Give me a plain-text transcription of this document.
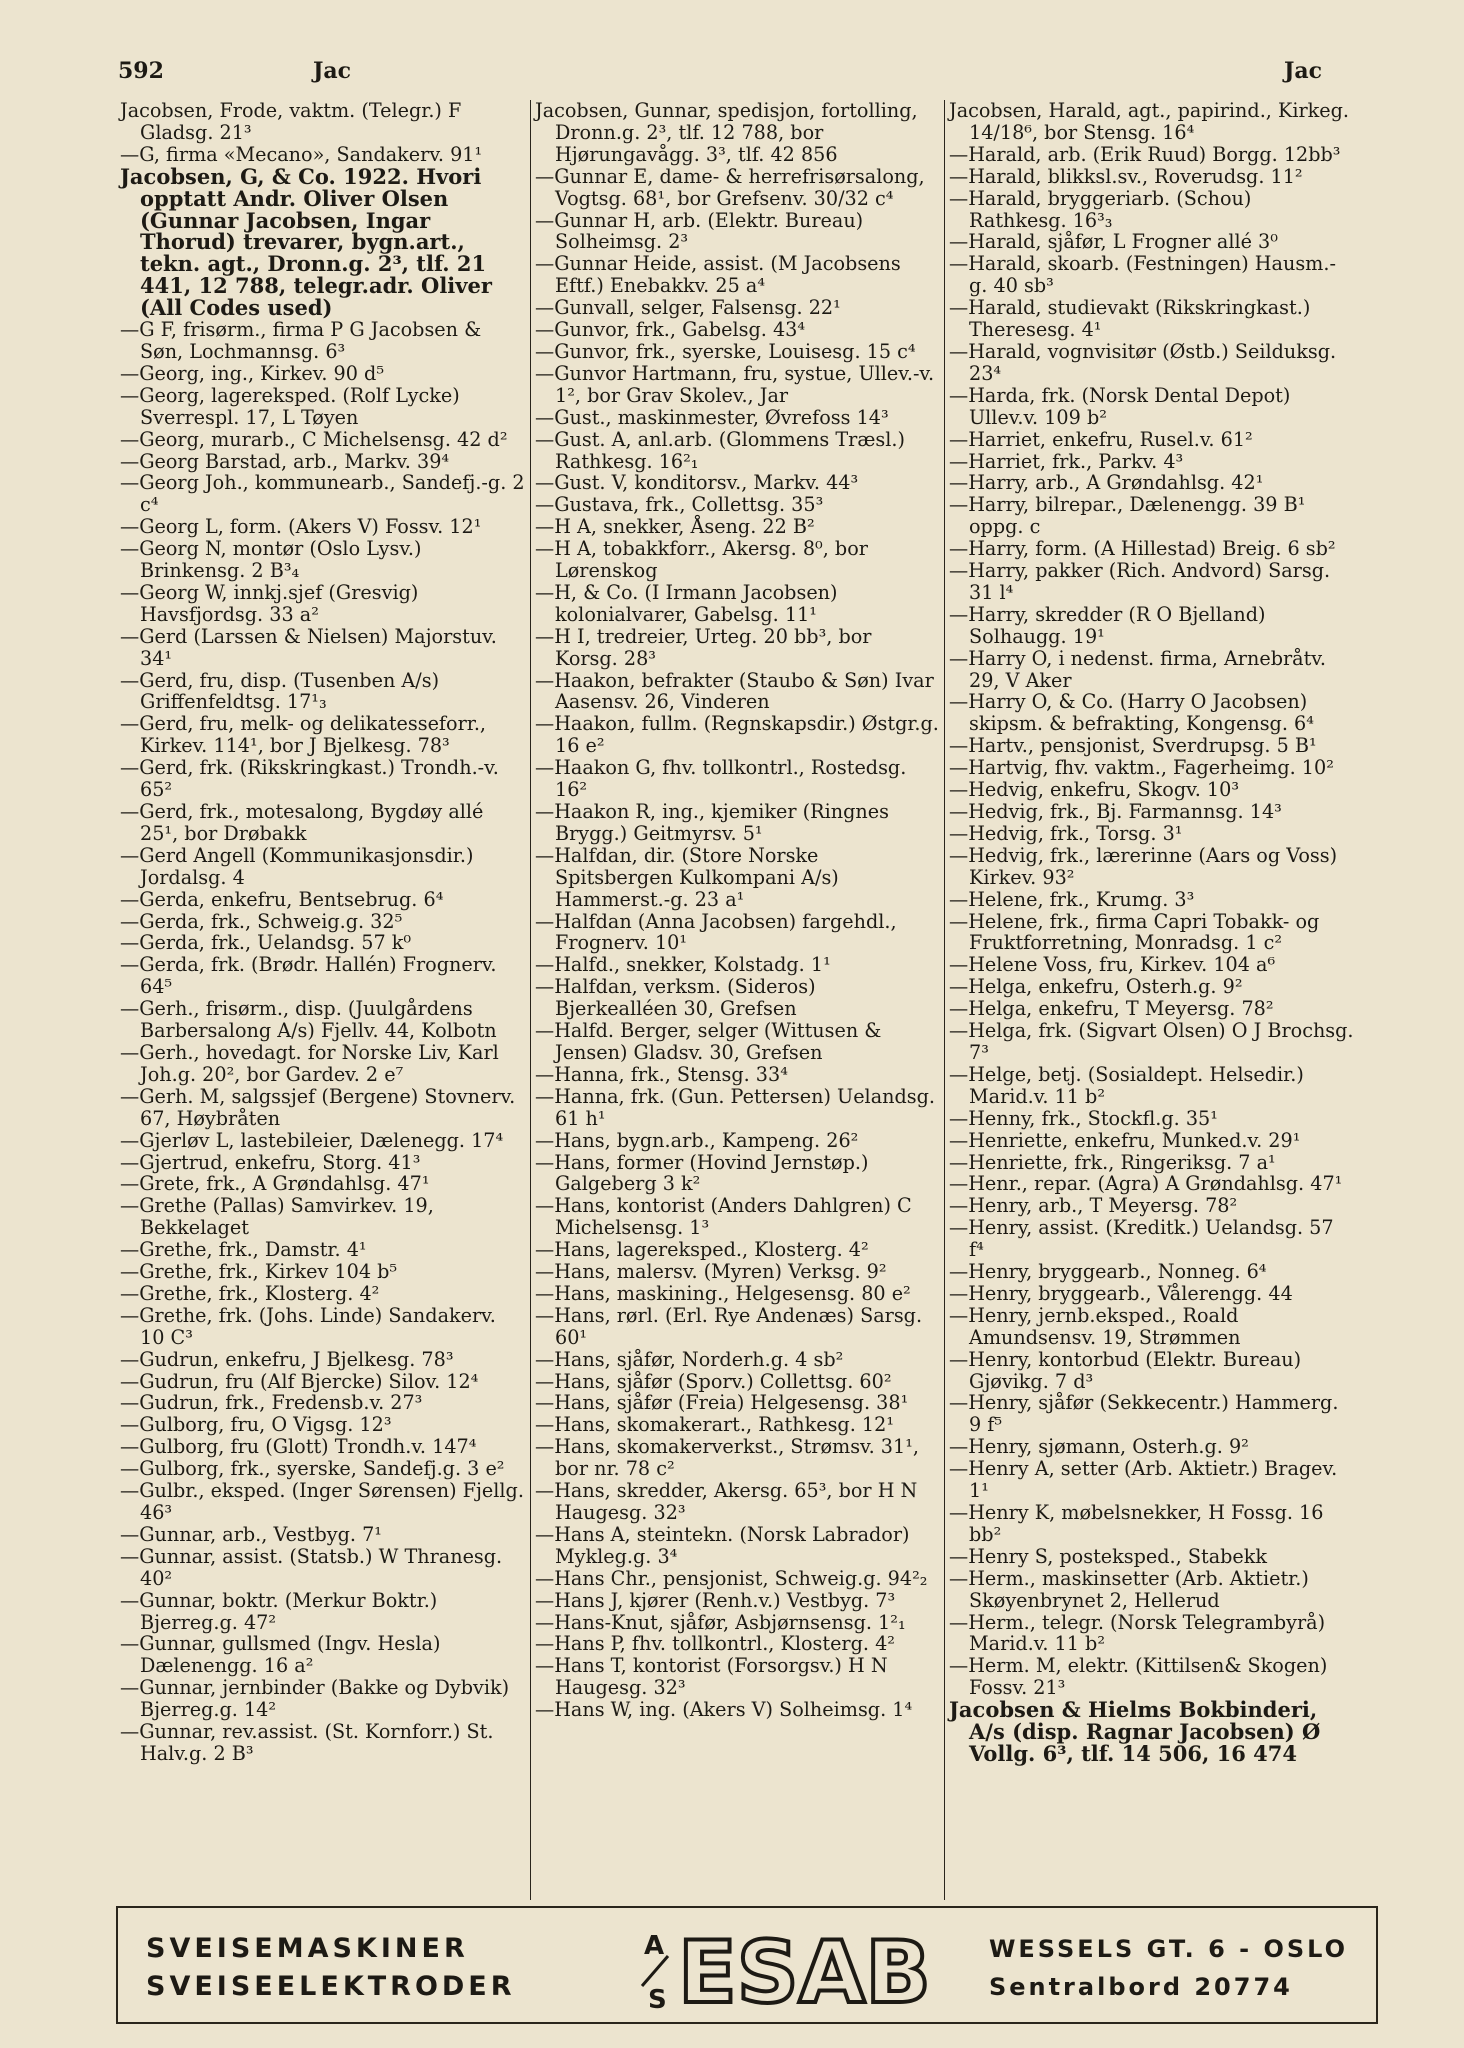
592	Jac	Jac

Jacobsen, Frode, vaktm. (Telegr.) F Gladsg. 21³

—G, firma «Mecano», Sandakerv. 91¹

Jacobsen, G, & Co. 1922. Hvori opptatt Andr. Oliver Olsen (Gunnar Jacobsen, Ingar Thorud) trevarer, bygn.art., tekn. agt., Dronn.g. 2³, tlf. 21 441, 12 788, telegr.adr. Oliver (All Codes used)

—G F, frisørm., firma P G Jacobsen & Søn, Lochmannsg. 6³

—Georg, ing., Kirkev. 90 d⁵

—Georg, lagereksped. (Rolf Lycke) Sverrespl. 17, L Tøyen

—Georg, murarb., C Michelsensg. 42 d²

—Georg Barstad, arb., Markv. 39⁴

—Georg Joh., kommunearb., Sandefj.-g. 2 c⁴

—Georg L, form. (Akers V) Fossv. 12¹

—Georg N, montør (Oslo Lysv.) Brinkensg. 2 B³₄

—Georg W, innkj.sjef (Gresvig) Havsfjordsg. 33 a²

—Gerd (Larssen & Nielsen) Majorstuv. 34¹

—Gerd, fru, disp. (Tusenben A/s) Griffenfeldtsg. 17¹₃

—Gerd, fru, melk- og delikatesseforr., Kirkev. 114¹, bor J Bjelkesg. 78³

—Gerd, frk. (Rikskringkast.) Trondh.-v. 65²

—Gerd, frk., motesalong, Bygdøy allé 25¹, bor Drøbakk

—Gerd Angell (Kommunikasjonsdir.) Jordalsg. 4

—Gerda, enkefru, Bentsebrug. 6⁴

—Gerda, frk., Schweig.g. 32⁵

—Gerda, frk., Uelandsg. 57 k⁰

—Gerda, frk. (Brødr. Hallén) Frognerv. 64⁵

—Gerh., frisørm., disp. (Juulgårdens Barbersalong A/s) Fjellv. 44, Kolbotn

—Gerh., hovedagt. for Norske Liv, Karl Joh.g. 20², bor Gardev. 2 e⁷

—Gerh. M, salgssjef (Bergene) Stovnerv. 67, Høybråten

—Gjerløv L, lastebileier, Dælenegg. 17⁴

—Gjertrud, enkefru, Storg. 41³

—Grete, frk., A Grøndahlsg. 47¹

—Grethe (Pallas) Samvirkev. 19, Bekkelaget

—Grethe, frk., Damstr. 4¹

—Grethe, frk., Kirkev 104 b⁵

—Grethe, frk., Klosterg. 4²

—Grethe, frk. (Johs. Linde) Sandakerv. 10 C³

—Gudrun, enkefru, J Bjelkesg. 78³

—Gudrun, fru (Alf Bjercke) Silov. 12⁴

—Gudrun, frk., Fredensb.v. 27³

—Gulborg, fru, O Vigsg. 12³

—Gulborg, fru (Glott) Trondh.v. 147⁴

—Gulborg, frk., syerske, Sandefj.g. 3 e²

—Gulbr., eksped. (Inger Sørensen) Fjellg. 46³

—Gunnar, arb., Vestbyg. 7¹

—Gunnar, assist. (Statsb.) W Thranesg. 40²

—Gunnar, boktr. (Merkur Boktr.) Bjerreg.g. 47²

—Gunnar, gullsmed (Ingv. Hesla) Dælenengg. 16 a²

—Gunnar, jernbinder (Bakke og Dybvik) Bjerreg.g. 14²

—Gunnar, rev.assist. (St. Kornforr.) St. Halv.g. 2 B³

Jacobsen, Gunnar, spedisjon, fortolling, Dronn.g. 2³, tlf. 12 788, bor Hjørungavågg. 3³, tlf. 42 856

—Gunnar E, dame- & herrefrisørsalong, Vogtsg. 68¹, bor Grefsenv. 30/32 c⁴

—Gunnar H, arb. (Elektr. Bureau) Solheimsg. 2³

—Gunnar Heide, assist. (M Jacobsens Eftf.) Enebakkv. 25 a⁴

—Gunvall, selger, Falsensg. 22¹

—Gunvor, frk., Gabelsg. 43⁴

—Gunvor, frk., syerske, Louisesg. 15 c⁴

—Gunvor Hartmann, fru, systue, Ullev.-v. 1², bor Grav Skolev., Jar

—Gust., maskinmester, Øvrefoss 14³

—Gust. A, anl.arb. (Glommens Træsl.) Rathkesg. 16²₁

—Gust. V, konditorsv., Markv. 44³

—Gustava, frk., Collettsg. 35³

—H A, snekker, Åseng. 22 B²

—H A, tobakkforr., Akersg. 8⁰, bor Lørenskog

—H, & Co. (I Irmann Jacobsen) kolonialvarer, Gabelsg. 11¹

—H I, tredreier, Urteg. 20 bb³, bor Korsg. 28³

—Haakon, befrakter (Staubo & Søn) Ivar Aasensv. 26, Vinderen

—Haakon, fullm. (Regnskapsdir.) Østgr.g. 16 e²

—Haakon G, fhv. tollkontrl., Rostedsg. 16²

—Haakon R, ing., kjemiker (Ringnes Brygg.) Geitmyrsv. 5¹

—Halfdan, dir. (Store Norske Spitsbergen Kulkompani A/s) Hammerst.-g. 23 a¹

—Halfdan (Anna Jacobsen) fargehdl., Frognerv. 10¹

—Halfd., snekker, Kolstadg. 1¹

—Halfdan, verksm. (Sideros) Bjerkealléen 30, Grefsen

—Halfd. Berger, selger (Wittusen & Jensen) Gladsv. 30, Grefsen

—Hanna, frk., Stensg. 33⁴

—Hanna, frk. (Gun. Pettersen) Uelandsg. 61 h¹

—Hans, bygn.arb., Kampeng. 26²

—Hans, former (Hovind Jernstøp.) Galgeberg 3 k²

—Hans, kontorist (Anders Dahlgren) C Michelsensg. 1³

—Hans, lagereksped., Klosterg. 4²

—Hans, malersv. (Myren) Verksg. 9²

—Hans, maskining., Helgesensg. 80 e²

—Hans, rørl. (Erl. Rye Andenæs) Sarsg. 60¹

—Hans, sjåfør, Norderh.g. 4 sb²

—Hans, sjåfør (Sporv.) Collettsg. 60²

—Hans, sjåfør (Freia) Helgesensg. 38¹

—Hans, skomakerart., Rathkesg. 12¹

—Hans, skomakerverkst., Strømsv. 31¹, bor nr. 78 c²

—Hans, skredder, Akersg. 65³, bor H N Haugesg. 32³

—Hans A, steintekn. (Norsk Labrador) Mykleg.g. 3⁴

—Hans Chr., pensjonist, Schweig.g. 94²₂

—Hans J, kjører (Renh.v.) Vestbyg. 7³

—Hans-Knut, sjåfør, Asbjørnsensg. 1²₁

—Hans P, fhv. tollkontrl., Klosterg. 4²

—Hans T, kontorist (Forsorgsv.) H N Haugesg. 32³

—Hans W, ing. (Akers V) Solheimsg. 1⁴

Jacobsen, Harald, agt., papirind., Kirkeg. 14/18⁶, bor Stensg. 16⁴

—Harald, arb. (Erik Ruud) Borgg. 12bb³

—Harald, blikksl.sv., Roverudsg. 11²

—Harald, bryggeriarb. (Schou) Rathkesg. 16³₃

—Harald, sjåfør, L Frogner allé 3⁰

—Harald, skoarb. (Festningen) Hausm.-g. 40 sb³

—Harald, studievakt (Rikskringkast.) Theresesg. 4¹

—Harald, vognvisitør (Østb.) Seilduksg. 23⁴

—Harda, frk. (Norsk Dental Depot) Ullev.v. 109 b²

—Harriet, enkefru, Rusel.v. 61²

—Harriet, frk., Parkv. 4³

—Harry, arb., A Grøndahlsg. 42¹

—Harry, bilrepar., Dælenengg. 39 B¹ oppg. c

—Harry, form. (A Hillestad) Breig. 6 sb²

—Harry, pakker (Rich. Andvord) Sarsg. 31 l⁴

—Harry, skredder (R O Bjelland) Solhaugg. 19¹

—Harry O, i nedenst. firma, Arnebråtv. 29, V Aker

—Harry O, & Co. (Harry O Jacobsen) skipsm. & befrakting, Kongensg. 6⁴

—Hartv., pensjonist, Sverdrupsg. 5 B¹

—Hartvig, fhv. vaktm., Fagerheimg. 10²

—Hedvig, enkefru, Skogv. 10³

—Hedvig, frk., Bj. Farmannsg. 14³

—Hedvig, frk., Torsg. 3¹

—Hedvig, frk., lærerinne (Aars og Voss) Kirkev. 93²

—Helene, frk., Krumg. 3³

—Helene, frk., firma Capri Tobakk- og Fruktforretning, Monradsg. 1 c²

—Helene Voss, fru, Kirkev. 104 a⁶

—Helga, enkefru, Osterh.g. 9²

—Helga, enkefru, T Meyersg. 78²

—Helga, frk. (Sigvart Olsen) O J Brochsg. 7³

—Helge, betj. (Sosialdept. Helsedir.) Marid.v. 11 b²

—Henny, frk., Stockfl.g. 35¹

—Henriette, enkefru, Munked.v. 29¹

—Henriette, frk., Ringeriksg. 7 a¹

—Henr., repar. (Agra) A Grøndahlsg. 47¹

—Henry, arb., T Meyersg. 78²

—Henry, assist. (Kreditk.) Uelandsg. 57 f⁴

—Henry, bryggearb., Nonneg. 6⁴

—Henry, bryggearb., Vålerengg. 44

—Henry, jernb.eksped., Roald Amundsensv. 19, Strømmen

—Henry, kontorbud (Elektr. Bureau) Gjøvikg. 7 d³

—Henry, sjåfør (Sekkecentr.) Hammerg. 9 f⁵

—Henry, sjømann, Osterh.g. 9²

—Henry A, setter (Arb. Aktietr.) Bragev. 1¹

—Henry K, møbelsnekker, H Fossg. 16 bb²

—Henry S, posteksped., Stabekk

—Herm., maskinsetter (Arb. Aktietr.) Skøyenbrynet 2, Hellerud

—Herm., telegr. (Norsk Telegrambyrå) Marid.v. 11 b²

—Herm. M, elektr. (Kittilsen& Skogen) Fossv. 21³

Jacobsen & Hielms Bokbinderi, A/s (disp. Ragnar Jacobsen) Ø Vollg. 6³, tlf. 14 506, 16 474

SVEISEMASKINER
SVEISEELEKTRODER
A
S ESAB WESSELS GT. 6 - OSLO
Sentralbord 20774
